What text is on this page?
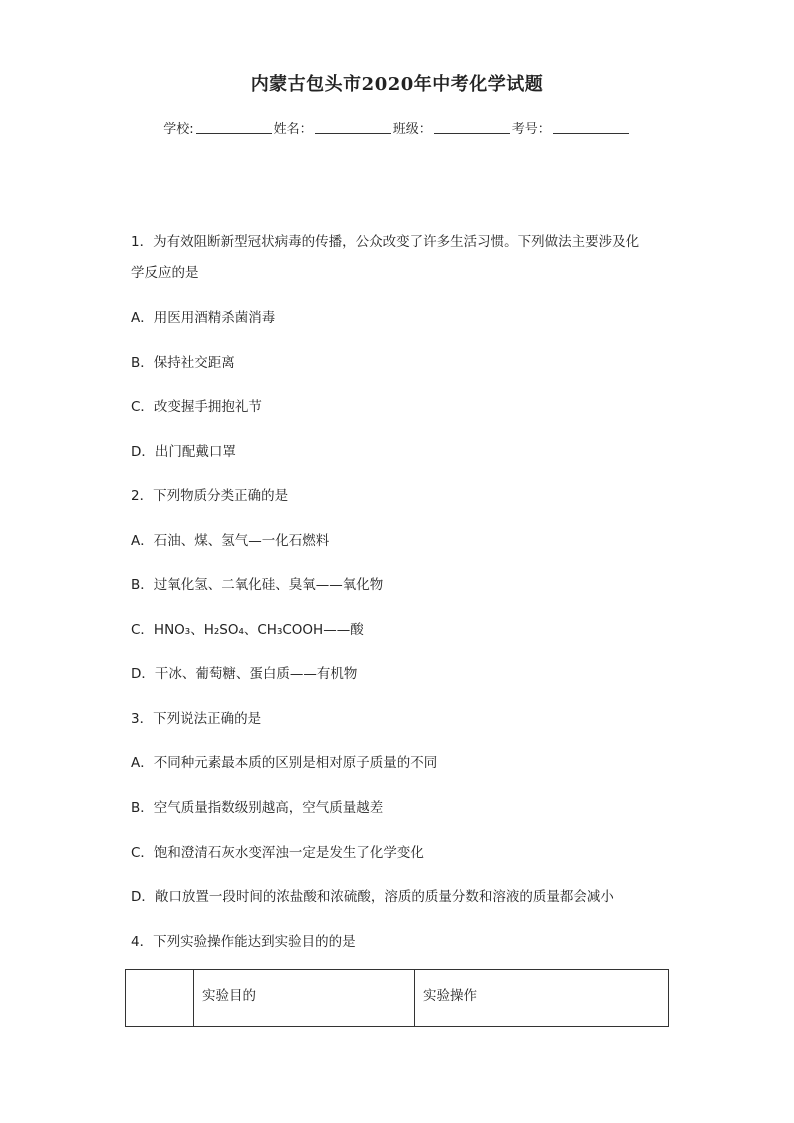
内蒙古包头市2020年中考化学试题
学校:	姓名：	班级：	考号：
1．为有效阻断新型冠状病毒的传播，公众改变了许多生活习惯。下列做法主要涉及化
学反应的是
A．用医用酒精杀菌消毒
B．保持社交距离
C．改变握手拥抱礼节
D．出门配戴口罩
2．下列物质分类正确的是
A．石油、煤、氢气—一化石燃料
B．过氧化氢、二氧化硅、臭氧——氧化物
C．HNO₃、H₂SO₄、CH₃COOH——酸
D．干冰、葡萄糖、蛋白质——有机物
3．下列说法正确的是
A．不同种元素最本质的区别是相对原子质量的不同
B．空气质量指数级别越高，空气质量越差
C．饱和澄清石灰水变浑浊一定是发生了化学变化
D．敞口放置一段时间的浓盐酸和浓硫酸，溶质的质量分数和溶液的质量都会减小
4．下列实验操作能达到实验目的的是
	实验目的	实验操作
